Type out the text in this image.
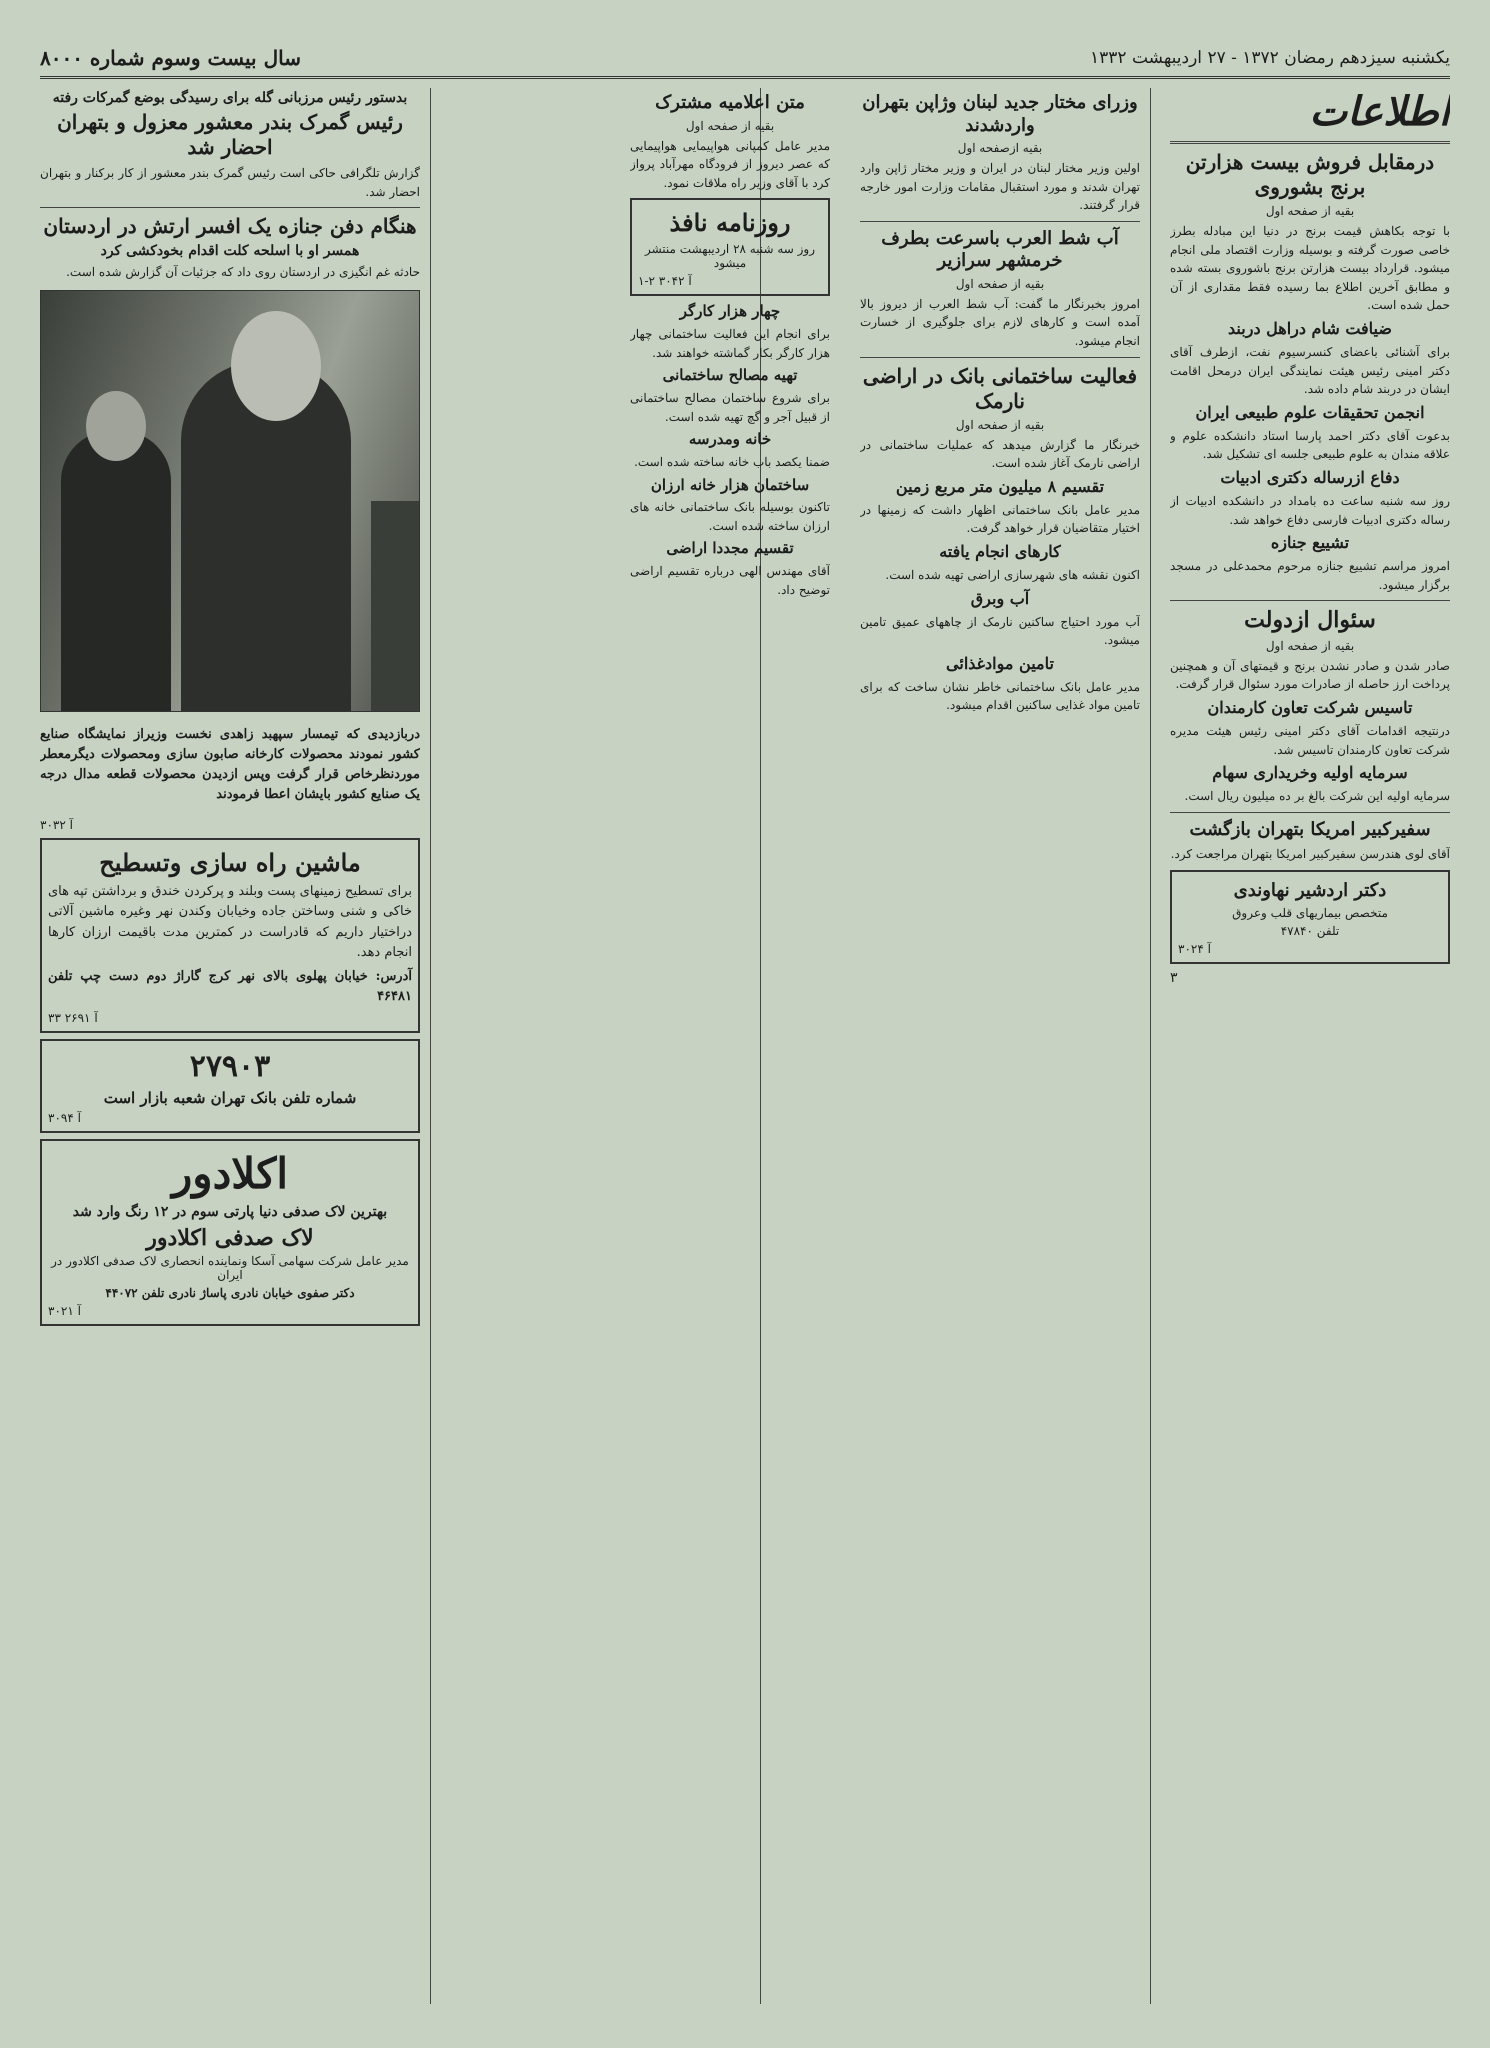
یکشنبه سیزدهم رمضان ۱۳۷۲ - ۲۷ اردیبهشت ۱۳۳۲
سال بیست وسوم شماره ۸۰۰۰
اطلاعات
درمقابل فروش بیست هزارتن برنج بشوروی
بقیه از صفحه اول

با توجه بکاهش قیمت برنج در دنیا این مبادله بطرز خاصی صورت گرفته و بوسیله وزارت اقتصاد ملی انجام میشود. قرارداد بیست هزارتن برنج باشوروی بسته شده و مطابق آخرین اطلاع بما رسیده فقط مقداری از آن حمل شده است.

ضیافت شام دراهل دربند

برای آشنائی باعضای کنسرسیوم نفت، ازطرف آقای دکتر امینی رئیس هیئت نمایندگی ایران درمحل اقامت ایشان در دربند شام داده شد.

انجمن تحقیقات علوم طبیعی ایران

بدعوت آقای دکتر احمد پارسا استاد دانشکده علوم و علاقه مندان به علوم طبیعی جلسه ای تشکیل شد.

دفاع ازرساله دکتری ادبیات

روز سه شنبه ساعت ده بامداد در دانشکده ادبیات از رساله دکتری ادبیات فارسی دفاع خواهد شد.

تشییع جنازه

امروز مراسم تشییع جنازه مرحوم محمدعلی در مسجد برگزار میشود.

سئوال ازدولت
بقیه از صفحه اول

صادر شدن و صادر نشدن برنج و قیمتهای آن و همچنین پرداخت ارز حاصله از صادرات مورد سئوال قرار گرفت.

تاسیس شرکت تعاون کارمندان

درنتیجه اقدامات آقای دکتر امینی رئیس هیئت مدیره شرکت تعاون کارمندان تاسیس شد.

سرمایه اولیه وخریداری سهام

سرمایه اولیه این شرکت بالغ بر ده میلیون ریال است.

سفیرکبیر امریکا بتهران بازگشت

آقای لوی هندرسن سفیرکبیر امریکا بتهران مراجعت کرد.

دکتر اردشیر نهاوندی
متخصص بیماریهای قلب وعروق
تلفن ۴۷۸۴۰
آ ۳۰۲۴
۳
وزرای مختار جدید لبنان وژاپن بتهران واردشدند
بقیه ازصفحه اول

اولین وزیر مختار لبنان در ایران و وزیر مختار ژاپن وارد تهران شدند و مورد استقبال مقامات وزارت امور خارجه قرار گرفتند.

آب شط العرب باسرعت بطرف خرمشهر سرازیر
بقیه از صفحه اول

امروز بخبرنگار ما گفت: آب شط العرب از دیروز بالا آمده است و کارهای لازم برای جلوگیری از خسارت انجام میشود.

فعالیت ساختمانی بانک در اراضی نارمک
بقیه از صفحه اول

خبرنگار ما گزارش میدهد که عملیات ساختمانی در اراضی نارمک آغاز شده است.

تقسیم ۸ میلیون متر مربع زمین

مدیر عامل بانک ساختمانی اظهار داشت که زمینها در اختیار متقاضیان قرار خواهد گرفت.

کارهای انجام یافته

اکنون نقشه های شهرسازی اراضی تهیه شده است.

آب وبرق

آب مورد احتیاج ساکنین نارمک از چاههای عمیق تامین میشود.

تامین موادغذائی

مدیر عامل بانک ساختمانی خاطر نشان ساخت که برای تامین مواد غذایی ساکنین اقدام میشود.

متن اعلامیه مشترک
بقیه از صفحه اول

مدیر عامل کمپانی هواپیمایی هواپیمایی که عصر دیروز از فرودگاه مهرآباد پرواز کرد با آقای وزیر راه ملاقات نمود.

روزنامه نافذ
روز سه شنبه ۲۸ اردیبهشت منتشر میشود
۱-۲ ۳۰۴۲ آ
چهار هزار کارگر

برای انجام این فعالیت ساختمانی چهار هزار کارگر بکار گماشته خواهند شد.

تهیه مصالح ساختمانی

برای شروع ساختمان مصالح ساختمانی از قبیل آجر و گچ تهیه شده است.

خانه ومدرسه

ضمنا یکصد باب خانه ساخته شده است.

ساختمان هزار خانه ارزان

تاکنون بوسیله بانک ساختمانی خانه های ارزان ساخته شده است.

تقسیم مجددا اراضی

آقای مهندس الهی درباره تقسیم اراضی توضیح داد.

بدستور رئیس مرزبانی گله برای رسیدگی بوضع گمرکات رفته
رئیس گمرک بندر معشور معزول و بتهران احضار شد

گزارش تلگرافی حاکی است رئیس گمرک بندر معشور از کار برکنار و بتهران احضار شد.

هنگام دفن جنازه یک افسر ارتش در اردستان
همسر او با اسلحه کلت اقدام بخودکشی کرد

حادثه غم انگیزی در اردستان روی داد که جزئیات آن گزارش شده است.

دربازدیدی که تیمسار سپهبد زاهدی نخست وزیراز نمایشگاه صنایع کشور نمودند محصولات کارخانه صابون سازی ومحصولات دیگرمعطر موردنظرخاص قرار گرفت وپس ازدیدن محصولات قطعه مدال درجه یک صنایع کشور بایشان اعطا فرمودند

آ ۳۰۳۲
ماشین راه سازی وتسطیح

برای تسطیح زمینهای پست وبلند و پرکردن خندق و برداشتن تپه های خاکی و شنی وساختن جاده وخیابان وکندن نهر وغیره ماشین آلاتی دراختیار داریم که قادراست در کمترین مدت باقیمت ارزان کارها انجام دهد.

آدرس: خیابان پهلوی بالای نهر کرج گاراژ دوم دست چپ تلفن ۴۶۴۸۱

آ ۲۶۹۱ ۳۳
۲۷۹۰۳
شماره تلفن بانک تهران شعبه بازار است
آ ۳۰۹۴
اکلادور
بهترین لاک صدفی دنیا پارتی سوم در ۱۲ رنگ وارد شد
لاک صدفی اکلادور
مدیر عامل شرکت سهامی آسکا ونماینده انحصاری لاک صدفی اکلادور در ایران
دکتر صفوی خیابان نادری پاساژ نادری تلفن ۴۴۰۷۲
آ ۳۰۲۱
